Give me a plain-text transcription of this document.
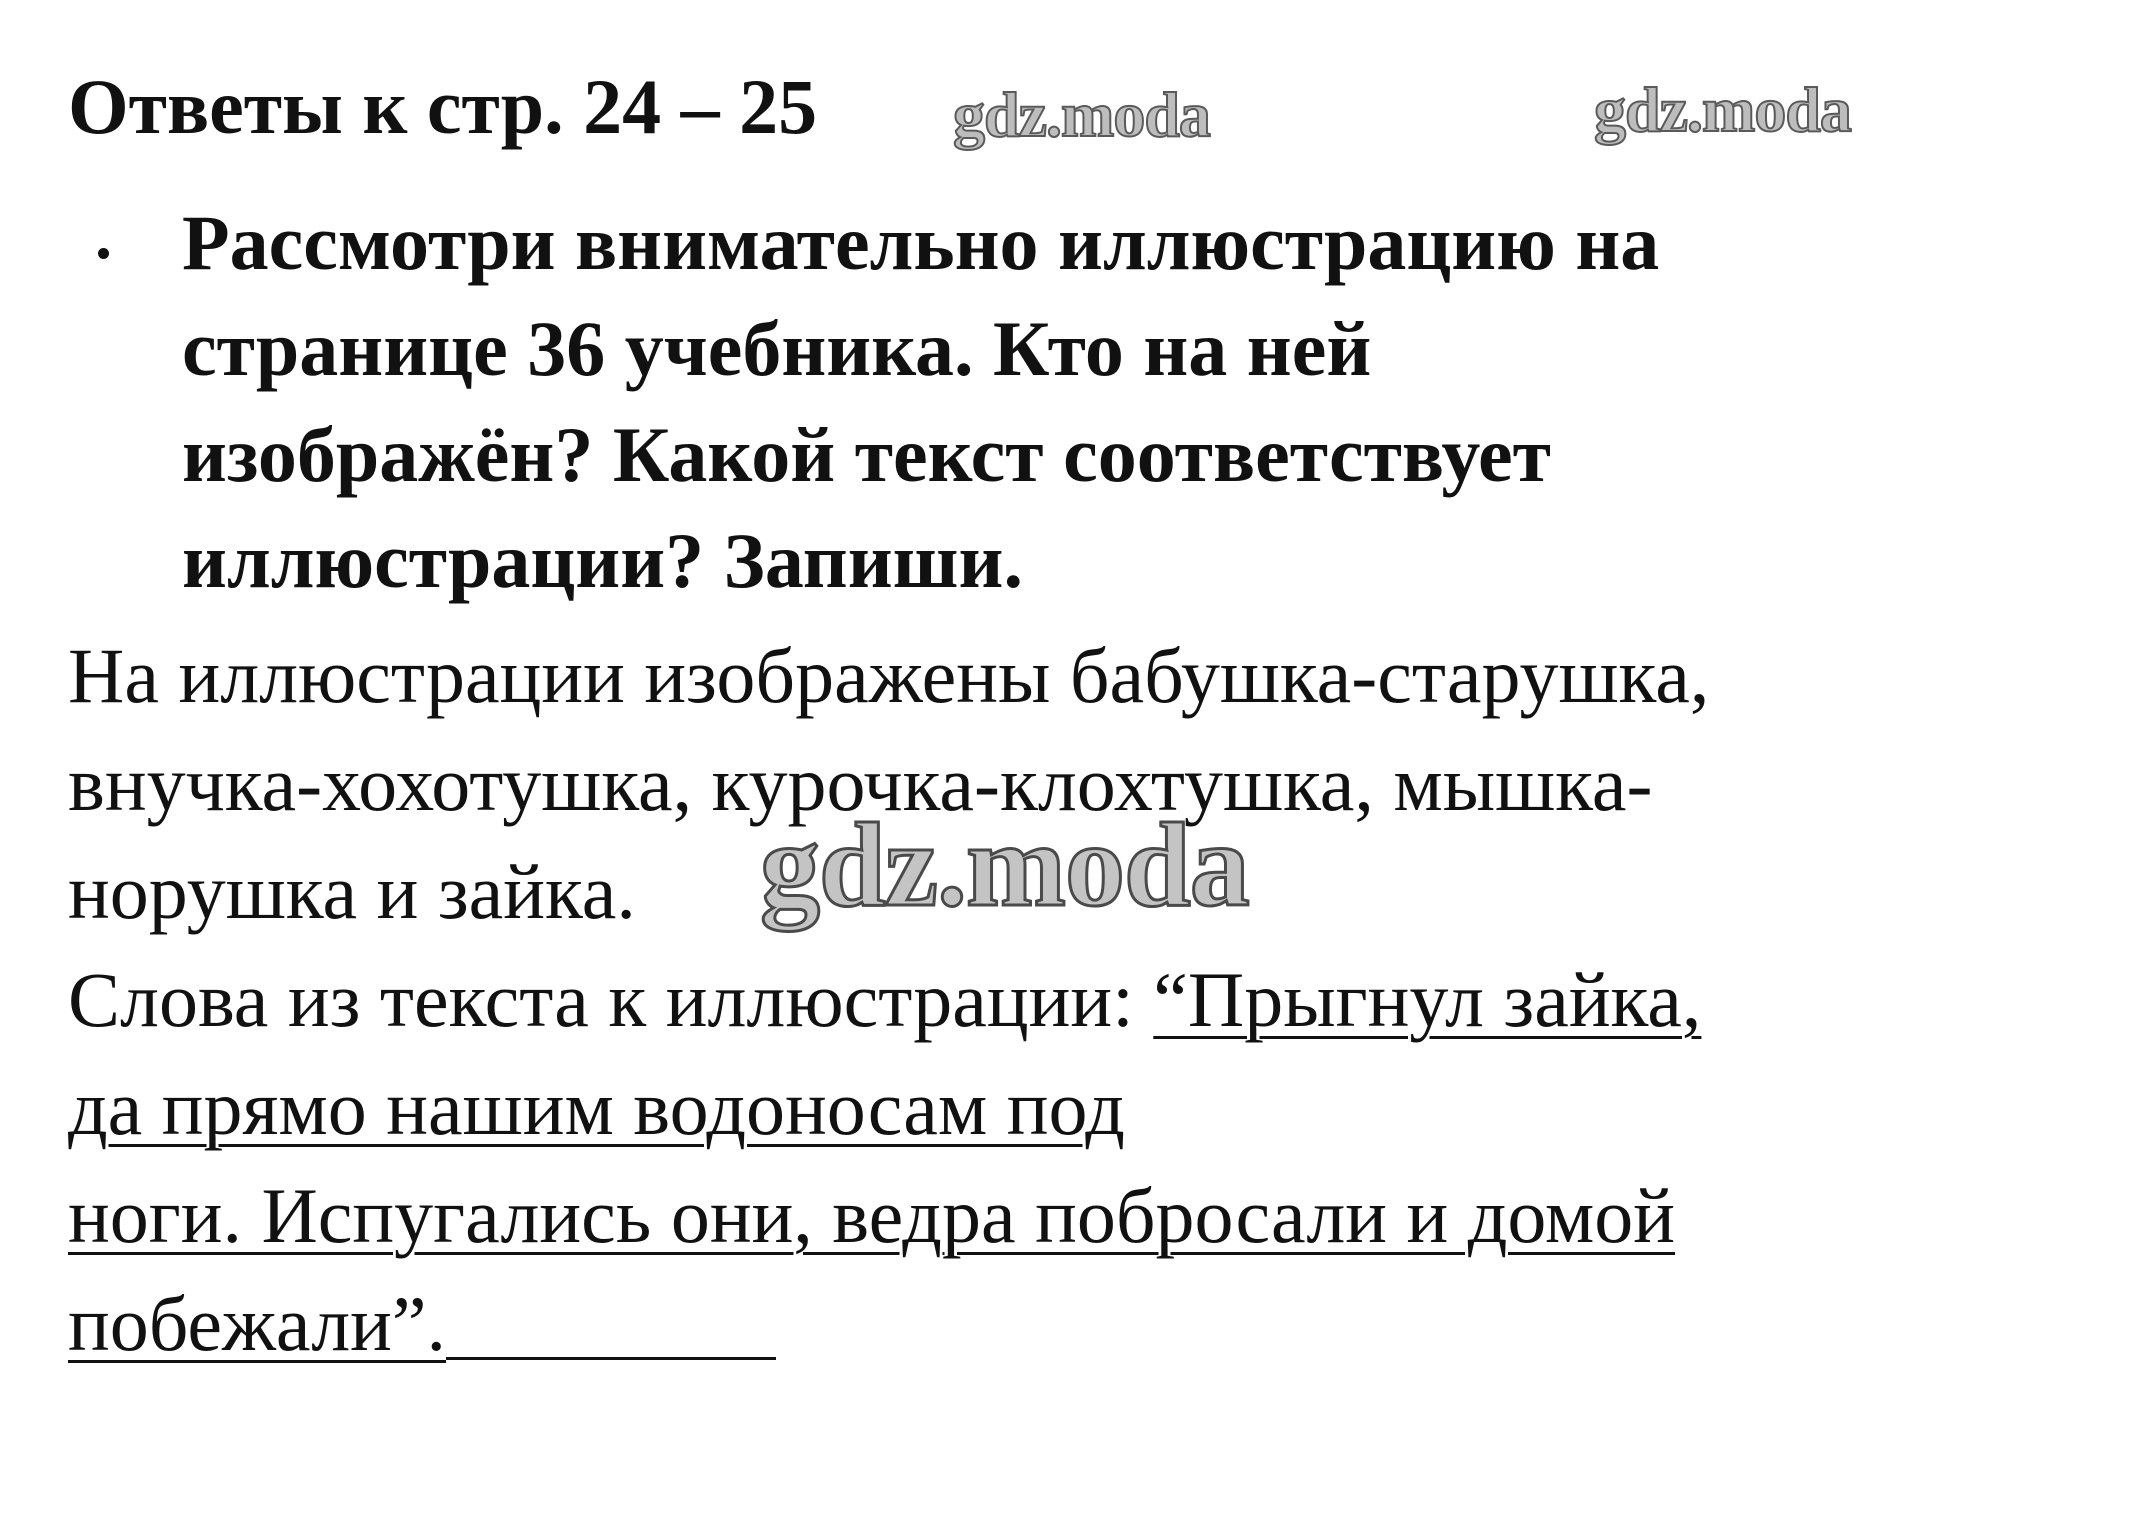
Ответы к стр. 24 – 25 gdz.moda	gdz.moda
Рассмотри внимательно иллюстрацию на
странице 36 учебника. Кто на ней
изображён? Какой текст соответствует
иллюстрации? Запиши.
На иллюстрации изображены бабушка-старушка,
внучка-хохотушка, курочка-клохтушка, мышка-
норушка и зайка.
Слова из текста к иллюстрации: “Прыгнул зайка,
да прямо нашим водоносам под
ноги. Испугались они, ведра побросали и домой
побежали”.
gdz.moda
